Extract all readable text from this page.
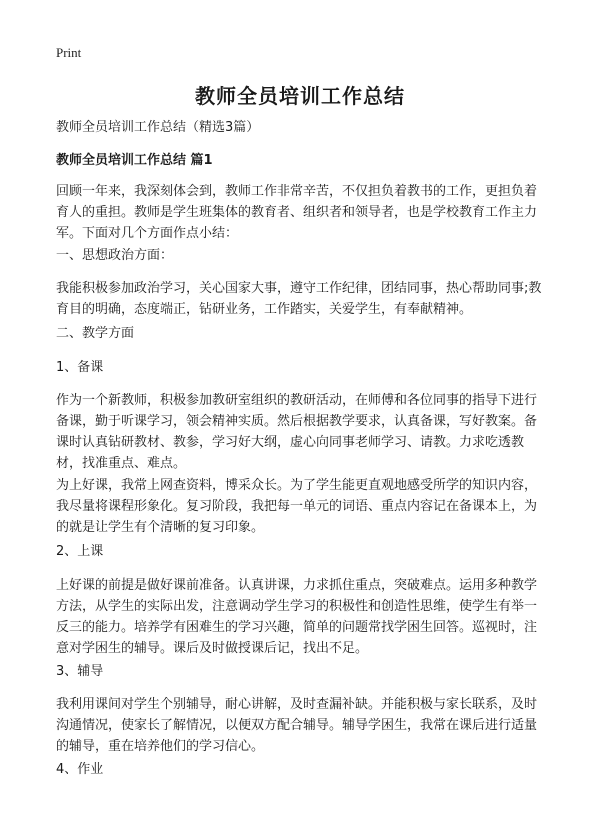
Print
教师全员培训工作总结

教师全员培训工作总结（精选3篇）

教师全员培训工作总结 篇1

回顾一年来，我深刻体会到，教师工作非常辛苦，不仅担负着教书的工作，更担负着育人的重担。教师是学生班集体的教育者、组织者和领导者，也是学校教育工作主力军。下面对几个方面作点小结：

一、思想政治方面：

我能积极参加政治学习，关心国家大事，遵守工作纪律，团结同事，热心帮助同事;教育目的明确，态度端正，钻研业务，工作踏实，关爱学生，有奉献精神。

二、教学方面

1、备课

作为一个新教师，积极参加教研室组织的教研活动，在师傅和各位同事的指导下进行备课，勤于听课学习，领会精神实质。然后根据教学要求，认真备课，写好教案。备课时认真钻研教材、教参，学习好大纲，虚心向同事老师学习、请教。力求吃透教材，找准重点、难点。

为上好课，我常上网查资料，博采众长。为了学生能更直观地感受所学的知识内容，我尽量将课程形象化。复习阶段，我把每一单元的词语、重点内容记在备课本上，为的就是让学生有个清晰的复习印象。

2、上课

上好课的前提是做好课前准备。认真讲课，力求抓住重点，突破难点。运用多种教学方法，从学生的实际出发，注意调动学生学习的积极性和创造性思维，使学生有举一反三的能力。培养学有困难生的学习兴趣，简单的问题常找学困生回答。巡视时，注意对学困生的辅导。课后及时做授课后记，找出不足。

3、辅导

我利用课间对学生个别辅导，耐心讲解，及时查漏补缺。并能积极与家长联系，及时沟通情况，使家长了解情况，以便双方配合辅导。辅导学困生，我常在课后进行适量的辅导，重在培养他们的学习信心。

4、作业
